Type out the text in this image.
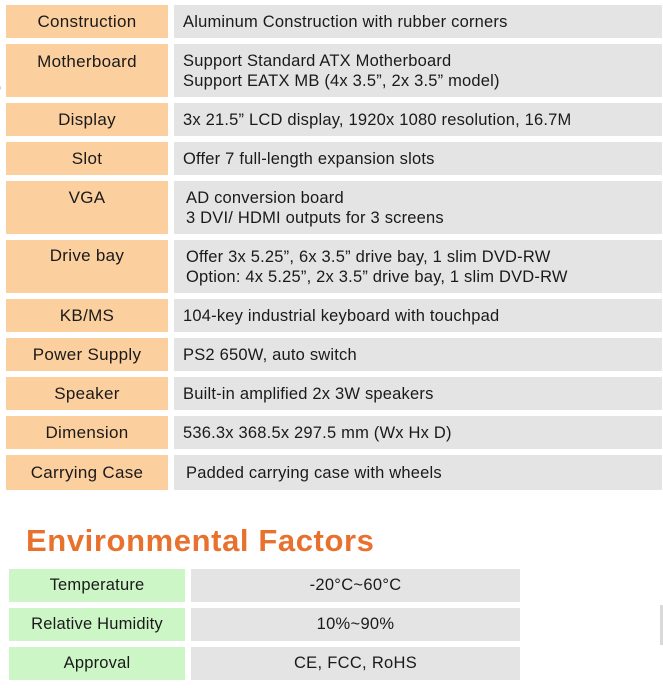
Construction	Aluminum Construction with rubber corners
Motherboard	Support Standard ATX Motherboard
Support EATX MB (4x 3.5”, 2x 3.5” model)
Display	3x 21.5” LCD display, 1920x 1080 resolution, 16.7M
Slot	Offer 7 full-length expansion slots
VGA	AD conversion board
3 DVI/ HDMI outputs for 3 screens
Drive bay	Offer 3x 5.25”, 6x 3.5” drive bay, 1 slim DVD-RW
Option: 4x 5.25”, 2x 3.5” drive bay, 1 slim DVD-RW
KB/MS	104-key industrial keyboard with touchpad
Power Supply	PS2 650W, auto switch
Speaker	Built-in amplified 2x 3W speakers
Dimension	536.3x 368.5x 297.5 mm (Wx Hx D)
Carrying Case	Padded carrying case with wheels
Environmental Factors
Temperature	-20°C~60°C
Relative Humidity	10%~90%
Approval	CE, FCC, RoHS
